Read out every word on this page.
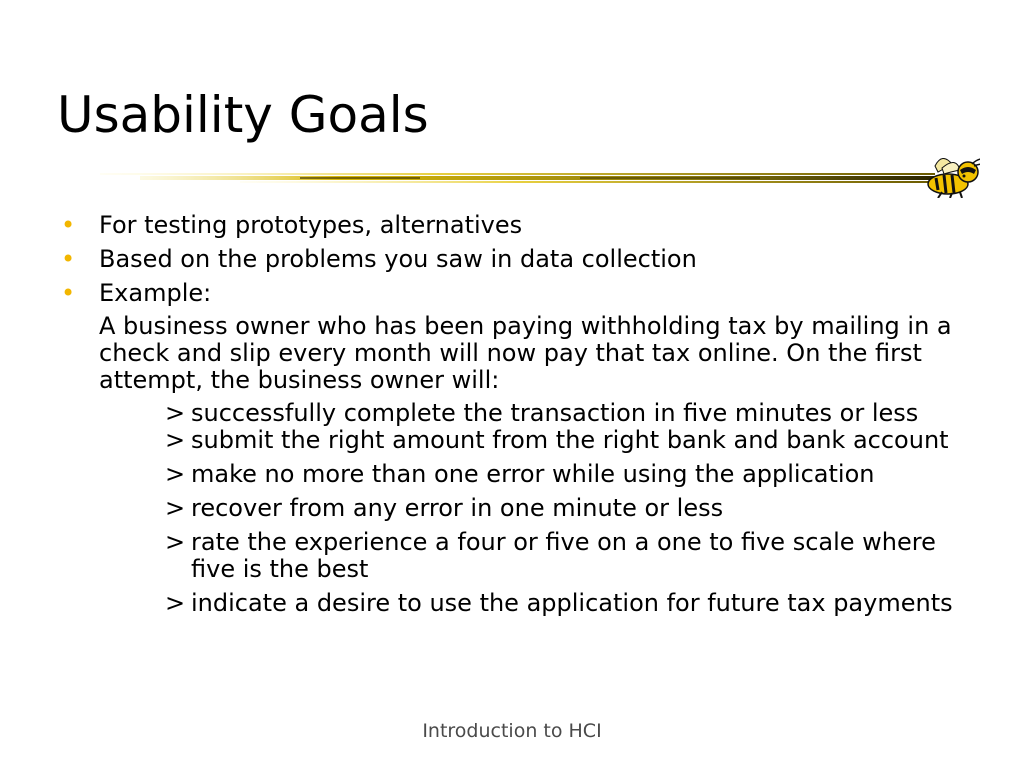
Usability Goals
• For testing prototypes, alternatives
• Based on the problems you saw in data collection
• Example:

A business owner who has been paying withholding tax by mailing in a check and slip every month will now pay that tax online. On the first attempt, the business owner will:

> successfully complete the transaction in five minutes or less
> submit the right amount from the right bank and bank account
> make no more than one error while using the application
> recover from any error in one minute or less
> rate the experience a four or five on a one to five scale where five is the best
> indicate a desire to use the application for future tax payments
Introduction to HCI
